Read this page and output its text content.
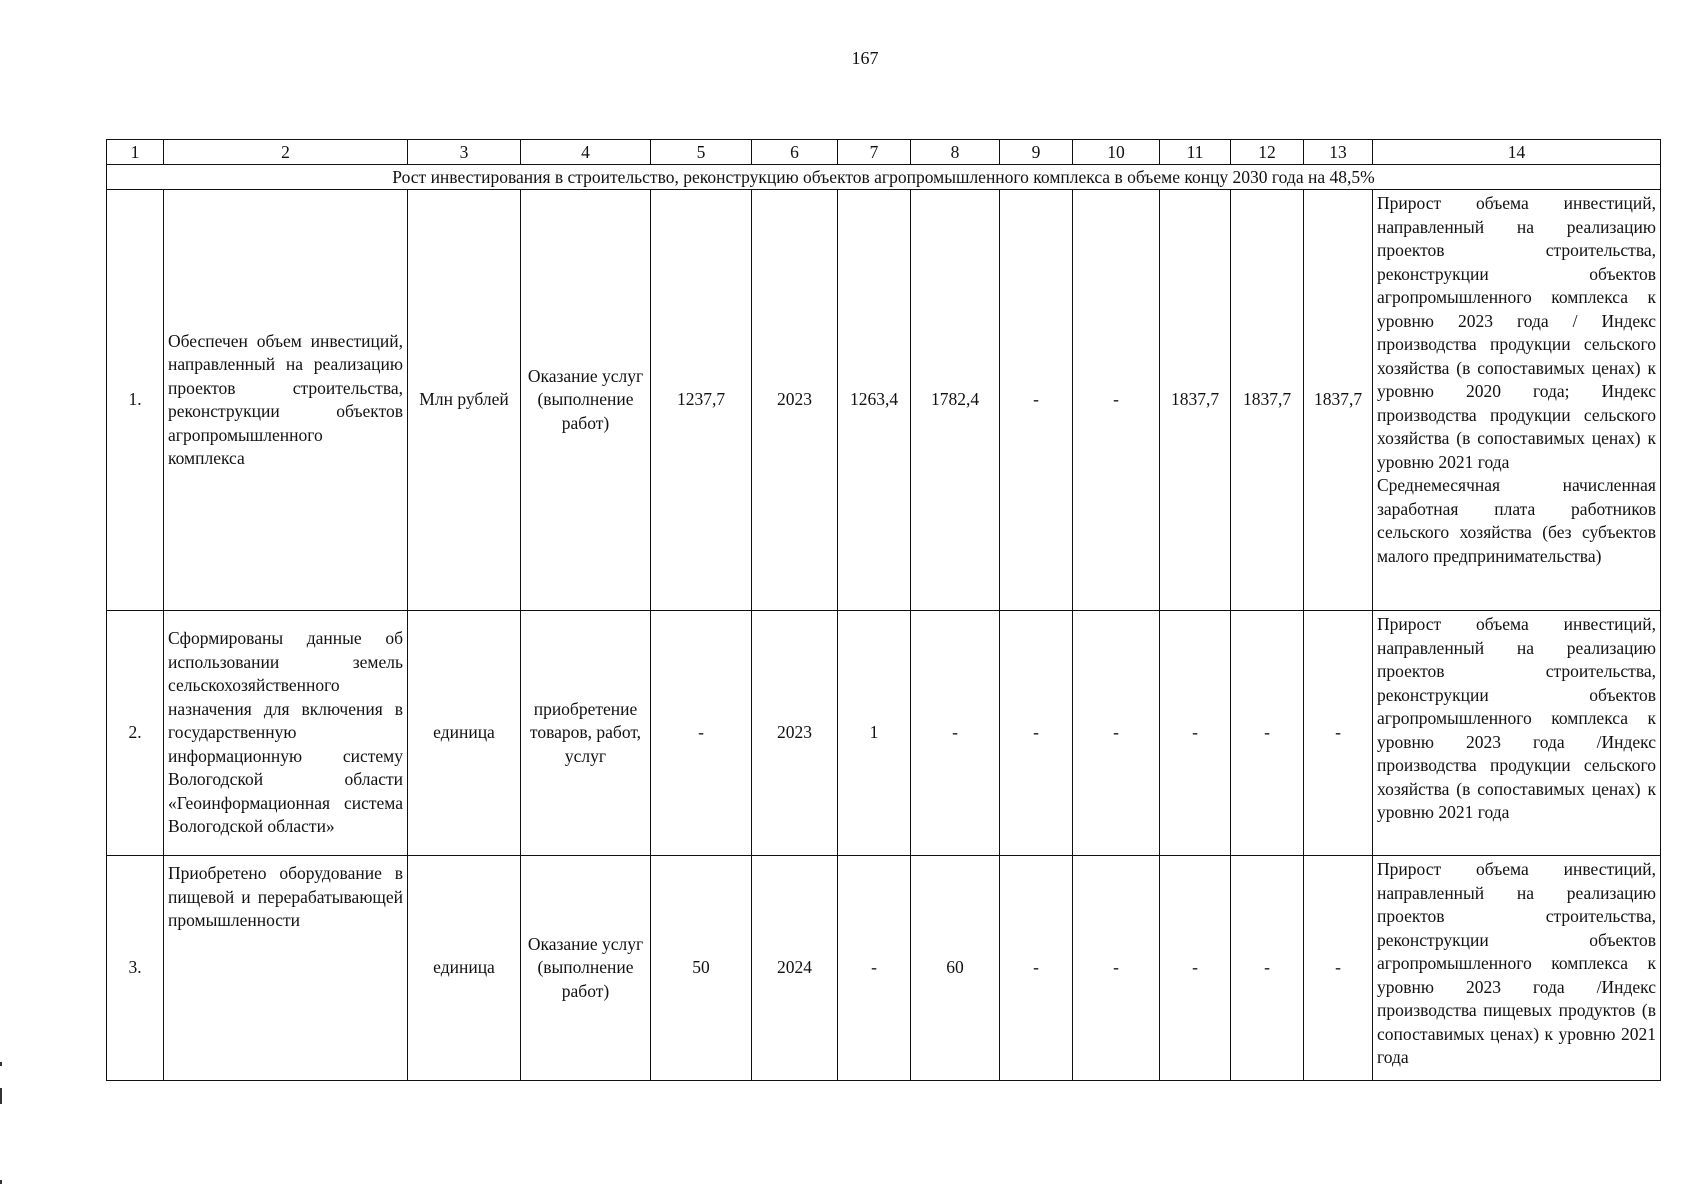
167
1	2	3	4	5	6	7	8	9	10	11	12	13	14
Рост инвестирования в строительство, реконструкцию объектов агропромышленного комплекса в объеме концу 2030 года на 48,5%													
1.	Обеспечен объем инвестиций, направленный на реализацию проектов строительства, реконструкции объектов агропромышленного комплекса	Млн рублей	Оказание услуг (выполнение работ)	1237,7	2023	1263,4	1782,4	-	-	1837,7	1837,7	1837,7	Прирост объема инвестиций, направленный на реализацию проектов строительства, реконструкции объектов агропромышленного комплекса к уровню 2023 года / Индекс производства продукции сельского хозяйства (в сопоставимых ценах) к уровню 2020 года; Индекс производства продукции сельского хозяйства (в сопоставимых ценах) к уровню 2021 года
Среднемесячная начисленная заработная плата работников сельского хозяйства (без субъектов малого предпринимательства)

2.	Сформированы данные об использовании земель сельскохозяйственного назначения для включения в государственную информационную систему Вологодской области «Геоинформационная система Вологодской области»	единица	приобретение товаров, работ, услуг	-	2023	1	-	-	-	-	-	-	Прирост объема инвестиций, направленный на реализацию проектов строительства, реконструкции объектов агропромышленного комплекса к уровню 2023 года /Индекс производства продукции сельского хозяйства (в сопоставимых ценах) к уровню 2021 года
3.	Приобретено оборудование в пищевой и перерабатывающей промышленности	единица	Оказание услуг (выполнение работ)	50	2024	-	60	-	-	-	-	-	Прирост объема инвестиций, направленный на реализацию проектов строительства, реконструкции объектов агропромышленного комплекса к уровню 2023 года /Индекс производства пищевых продуктов (в сопоставимых ценах) к уровню 2021 года
